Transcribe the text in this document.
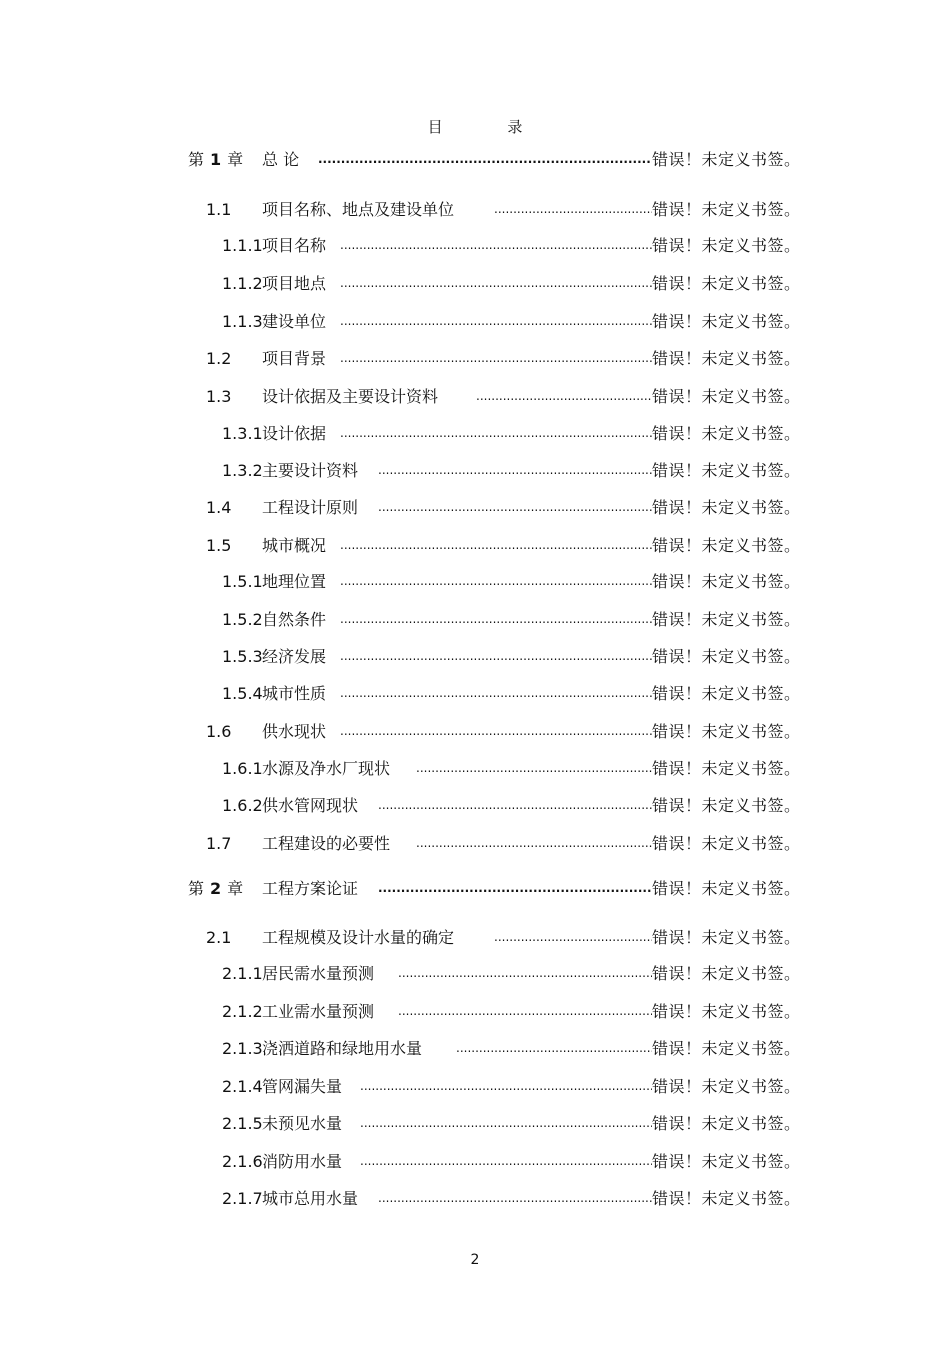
目 录
第 1 章 总 论 .....	错误！未定义书签。
1.1 项目名称、地点及建设单位 .....	错误！未定义书签。
1.1.1 项目名称 .....	错误！未定义书签。
1.1.2 项目地点 .....	错误！未定义书签。
1.1.3 建设单位 .....	错误！未定义书签。
1.2 项目背景 .....	错误！未定义书签。
1.3 设计依据及主要设计资料 .....	错误！未定义书签。
1.3.1 设计依据 .....	错误！未定义书签。
1.3.2 主要设计资料 .....	错误！未定义书签。
1.4 工程设计原则 .....	错误！未定义书签。
1.5 城市概况 .....	错误！未定义书签。
1.5.1 地理位置 .....	错误！未定义书签。
1.5.2 自然条件 .....	错误！未定义书签。
1.5.3 经济发展 .....	错误！未定义书签。
1.5.4 城市性质 .....	错误！未定义书签。
1.6 供水现状 .....	错误！未定义书签。
1.6.1 水源及净水厂现状 .....	错误！未定义书签。
1.6.2 供水管网现状 .....	错误！未定义书签。
1.7 工程建设的必要性 .....	错误！未定义书签。
第 2 章 工程方案论证 .....	错误！未定义书签。
2.1 工程规模及设计水量的确定 .....	错误！未定义书签。
2.1.1 居民需水量预测 .....	错误！未定义书签。
2.1.2 工业需水量预测 .....	错误！未定义书签。
2.1.3 浇洒道路和绿地用水量 .....	错误！未定义书签。
2.1.4 管网漏失量 .....	错误！未定义书签。
2.1.5 未预见水量 .....	错误！未定义书签。
2.1.6 消防用水量 .....	错误！未定义书签。
2.1.7 城市总用水量 .....	错误！未定义书签。
2
